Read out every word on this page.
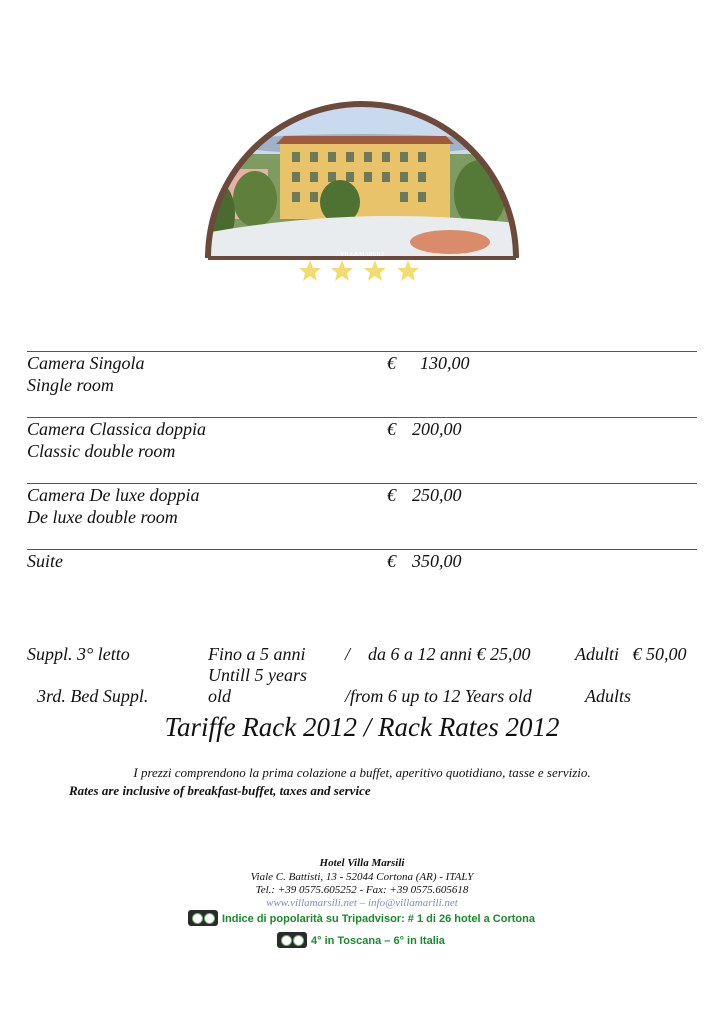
VILLA MARSILI
Camera Singola
Single room
€ 130,00
Camera Classica doppia
Classic double room
€ 200,00
Camera De luxe doppia
De luxe double room
€ 250,00
Suite	€ 350,00
Suppl. 3° letto
3rd. Bed Suppl.
Fino a 5 anni
Untill 5 years
old
/    da 6 a 12 anni € 25,00
/from 6 up to 12 Years old
Adulti   € 50,00
Adults
Tariffe Rack 2012 / Rack Rates 2012
I prezzi comprendono la prima colazione a buffet, aperitivo quotidiano, tasse e servizio.
Rates are inclusive of breakfast-buffet, taxes and service
Hotel Villa Marsili
Viale C. Battisti, 13 - 52044 Cortona (AR) - ITALY
Tel.: +39 0575.605252 - Fax: +39 0575.605618
www.villamarsili.net – info@villamarili.net
Indice di popolarità su Tripadvisor: # 1 di 26 hotel a Cortona
4° in Toscana – 6° in Italia
